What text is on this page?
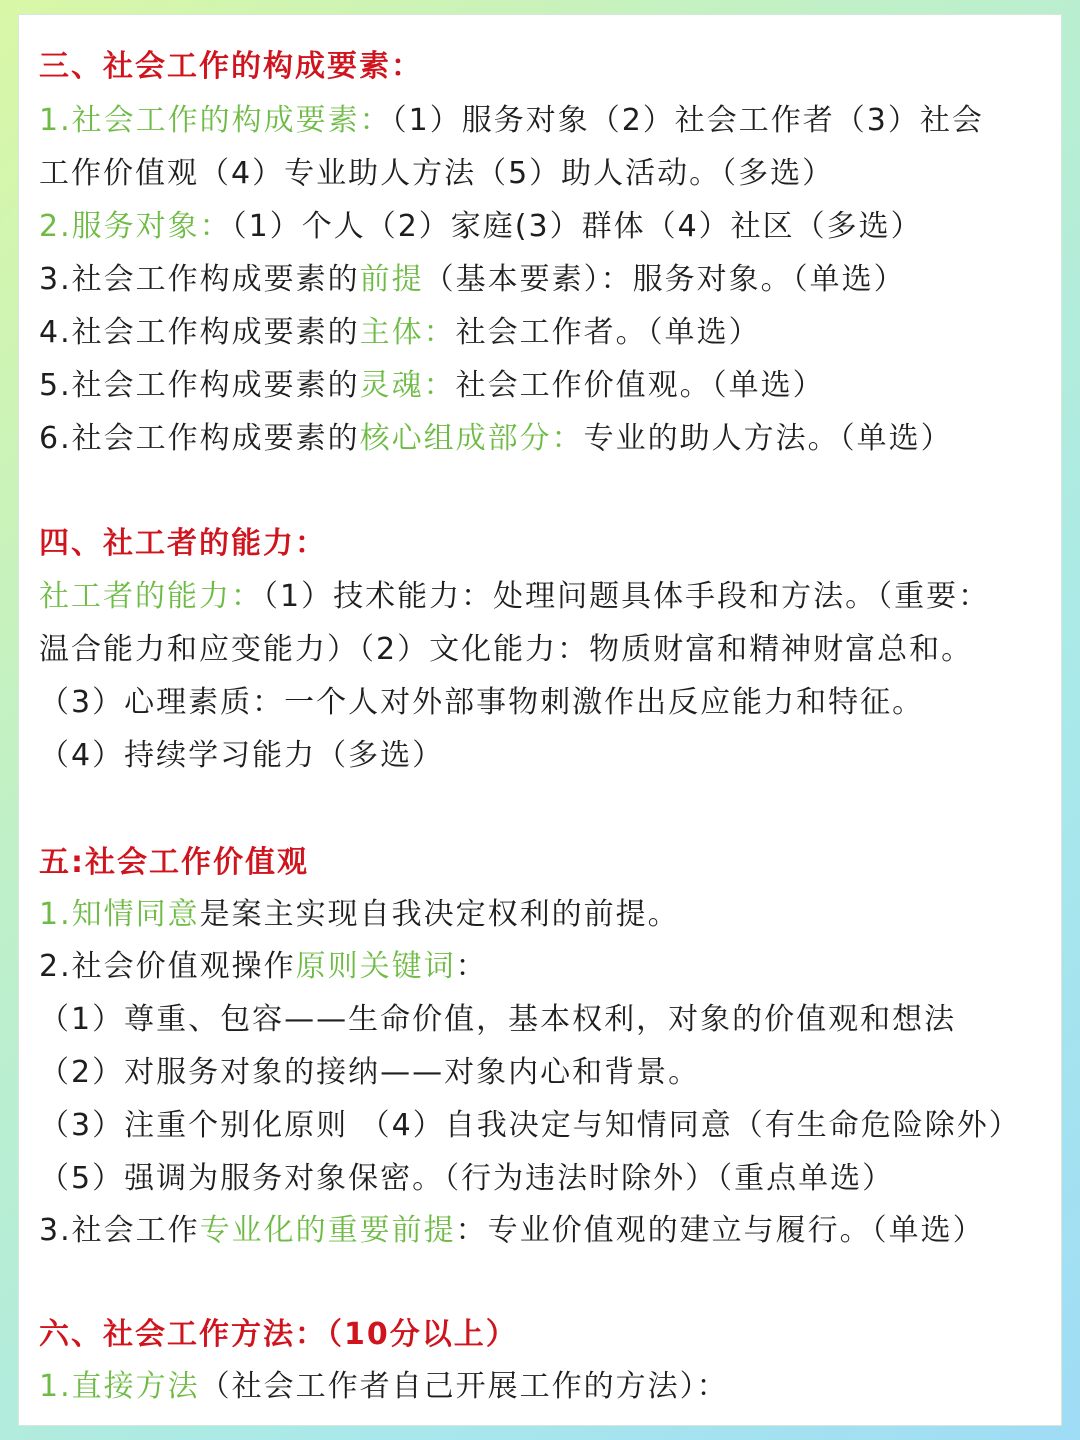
三、社会工作的构成要素：
1.社会工作的构成要素：（1）服务对象（2）社会工作者（3）社会
工作价值观（4）专业助人方法（5）助人活动。（多选）
2.服务对象：（1）个人（2）家庭(3）群体（4）社区（多选）
3.社会工作构成要素的前提（基本要素）：服务对象。（单选）
4.社会工作构成要素的主体：社会工作者。（单选）
5.社会工作构成要素的灵魂：社会工作价值观。（单选）
6.社会工作构成要素的核心组成部分：专业的助人方法。（单选）
四、社工者的能力：
社工者的能力：（1）技术能力：处理问题具体手段和方法。（重要：
温合能力和应变能力）（2）文化能力：物质财富和精神财富总和。
（3）心理素质：一个人对外部事物刺激作出反应能力和特征。
（4）持续学习能力（多选）
五:社会工作价值观
1.知情同意是案主实现自我决定权利的前提。
2.社会价值观操作原则关键词：
（1）尊重、包容——生命价值，基本权利，对象的价值观和想法
（2）对服务对象的接纳——对象内心和背景。
（3）注重个别化原则 （4）自我决定与知情同意（有生命危险除外）
（5）强调为服务对象保密。（行为违法时除外）（重点单选）
3.社会工作专业化的重要前提：专业价值观的建立与履行。（单选）
六、社会工作方法：（10分以上）
1.直接方法（社会工作者自己开展工作的方法）：
